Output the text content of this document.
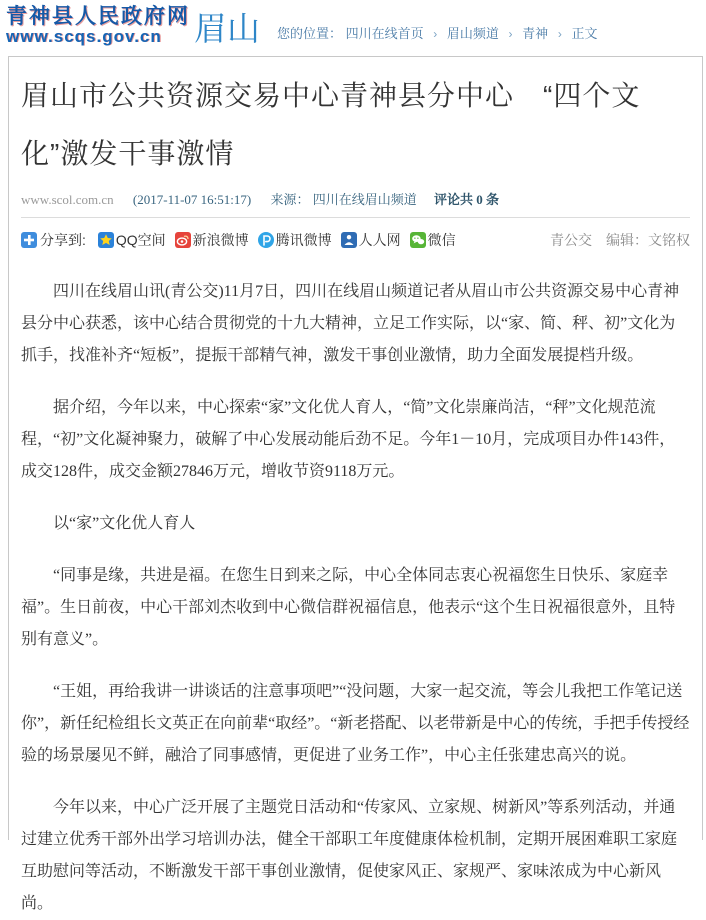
青神县人民政府网
www.scqs.gov.cn 眉山 您的位置： 四川在线首页 › 眉山频道 › 青神 › 正文
眉山市公共资源交易中心青神县分中心　“四个文化”激发干事激情
www.scol.com.cn (2017-11-07 16:51:17) 来源： 四川在线眉山频道 评论共 0 条
分享到: QQ空间 新浪微博 腾讯微博 人人网 微信	青公交 编辑：文铭权

四川在线眉山讯(青公交)11月7日，四川在线眉山频道记者从眉山市公共资源交易中心青神县分中心获悉，该中心结合贯彻党的十九大精神，立足工作实际，以“家、简、秤、初”文化为抓手，找准补齐“短板”，提振干部精气神，激发干事创业激情，助力全面发展提档升级。

据介绍，今年以来，中心探索“家”文化优人育人，“简”文化崇廉尚洁，“秤”文化规范流程，“初”文化凝神聚力，破解了中心发展动能后劲不足。今年1－10月，完成项目办件143件，成交128件，成交金额27846万元，增收节资9118万元。

以“家”文化优人育人

“同事是缘，共进是福。在您生日到来之际，中心全体同志衷心祝福您生日快乐、家庭幸福”。生日前夜，中心干部刘杰收到中心微信群祝福信息，他表示“这个生日祝福很意外，且特别有意义”。

“王姐，再给我讲一讲谈话的注意事项吧”“没问题，大家一起交流，等会儿我把工作笔记送你”，新任纪检组长文英正在向前辈“取经”。“新老搭配、以老带新是中心的传统，手把手传授经验的场景屡见不鲜，融洽了同事感情，更促进了业务工作”，中心主任张建忠高兴的说。

今年以来，中心广泛开展了主题党日活动和“传家风、立家规、树新风”等系列活动，并通过建立优秀干部外出学习培训办法，健全干部职工年度健康体检机制，定期开展困难职工家庭互助慰问等活动，不断激发干部干事创业激情，促使家风正、家规严、家味浓成为中心新风尚。
